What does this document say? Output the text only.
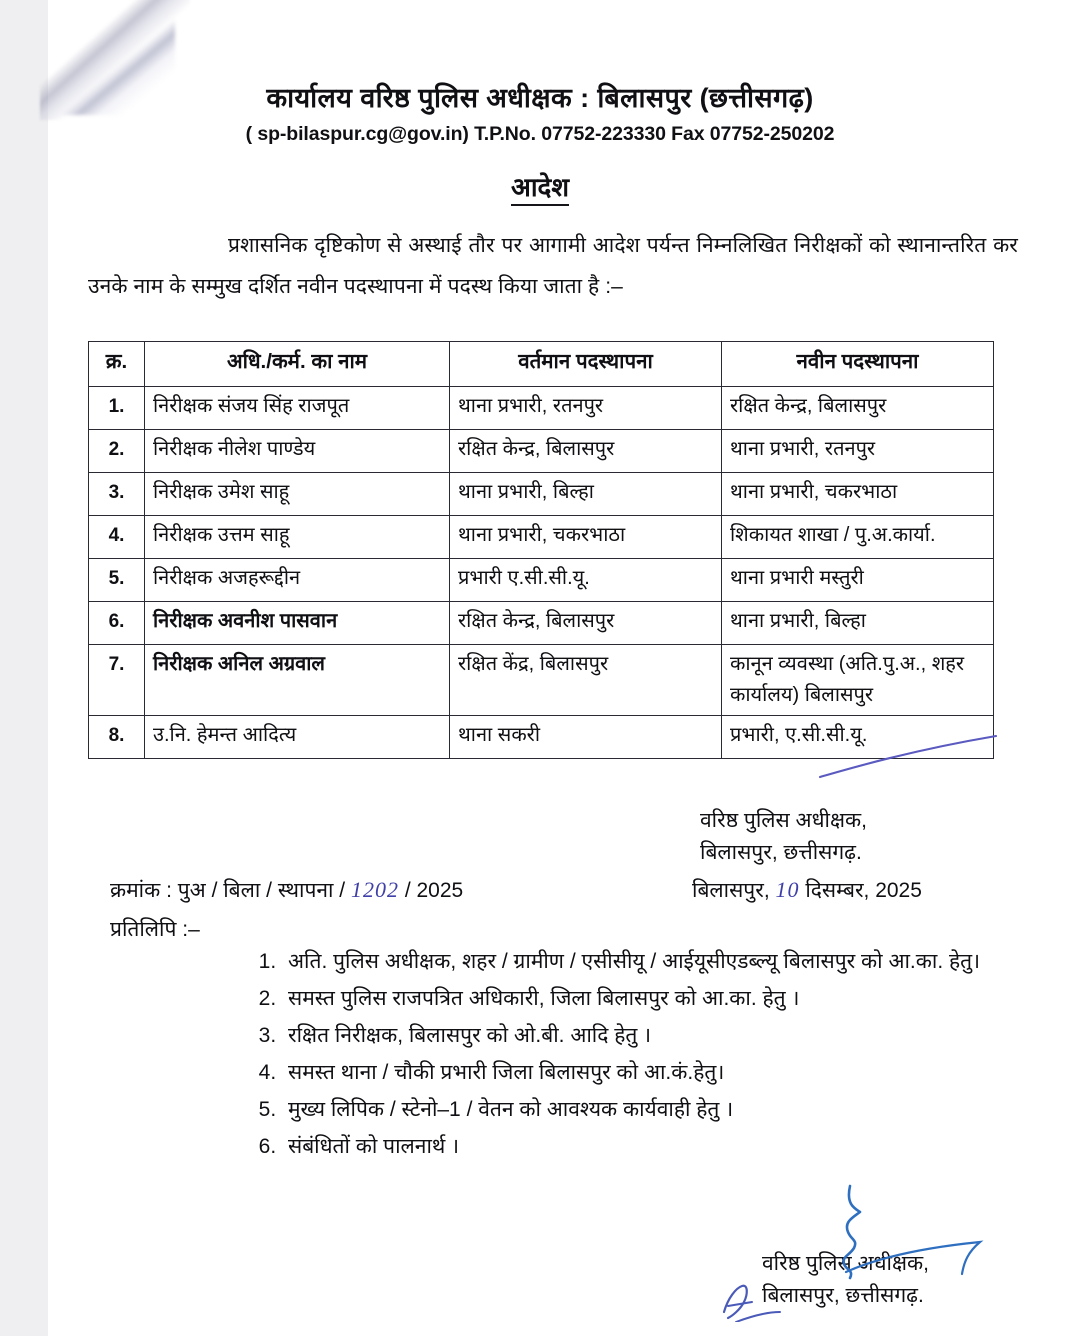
कार्यालय वरिष्ठ पुलिस अधीक्षक : बिलासपुर (छत्तीसगढ़)
( sp-bilaspur.cg@gov.in) T.P.No. 07752-223330 Fax 07752-250202
आदेश
प्रशासनिक दृष्टिकोण से अस्थाई तौर पर आगामी आदेश पर्यन्त निम्नलिखित निरीक्षकों को स्थानान्तरित कर उनके नाम के सम्मुख दर्शित नवीन पदस्थापना में पदस्थ किया जाता है :–
क्र.	अधि./कर्म. का नाम	वर्तमान पदस्थापना	नवीन पदस्थापना
1.	निरीक्षक संजय सिंह राजपूत	थाना प्रभारी, रतनपुर	रक्षित केन्द्र, बिलासपुर
2.	निरीक्षक नीलेश पाण्डेय	रक्षित केन्द्र, बिलासपुर	थाना प्रभारी, रतनपुर
3.	निरीक्षक उमेश साहू	थाना प्रभारी, बिल्हा	थाना प्रभारी, चकरभाठा
4.	निरीक्षक उत्तम साहू	थाना प्रभारी, चकरभाठा	शिकायत शाखा / पु.अ.कार्या.
5.	निरीक्षक अजहरूद्दीन	प्रभारी ए.सी.सी.यू.	थाना प्रभारी मस्तुरी
6.	निरीक्षक अवनीश पासवान	रक्षित केन्द्र, बिलासपुर	थाना प्रभारी, बिल्हा
7.	निरीक्षक अनिल अग्रवाल	रक्षित केंद्र, बिलासपुर	कानून व्यवस्था (अति.पु.अ., शहर कार्यालय) बिलासपुर
8.	उ.नि. हेमन्त आदित्य	थाना सकरी	प्रभारी, ए.सी.सी.यू.
वरिष्ठ पुलिस अधीक्षक,
बिलासपुर, छत्तीसगढ़.
क्रमांक : पुअ / बिला / स्थापना / 1202 / 2025
प्रतिलिपि :–
बिलासपुर, 10 दिसम्बर, 2025
1. अति. पुलिस अधीक्षक, शहर / ग्रामीण / एसीसीयू / आईयूसीएडब्ल्यू बिलासपुर को आ.का. हेतु।
2. समस्त पुलिस राजपत्रित अधिकारी, जिला बिलासपुर को आ.का. हेतु ।
3. रक्षित निरीक्षक, बिलासपुर को ओ.बी. आदि हेतु ।
4. समस्त थाना / चौकी प्रभारी जिला बिलासपुर को आ.कं.हेतु।
5. मुख्य लिपिक / स्टेनो–1 / वेतन को आवश्यक कार्यवाही हेतु ।
6. संबंधितों को पालनार्थ ।
वरिष्ठ पुलिस अधीक्षक,
बिलासपुर, छत्तीसगढ़.
